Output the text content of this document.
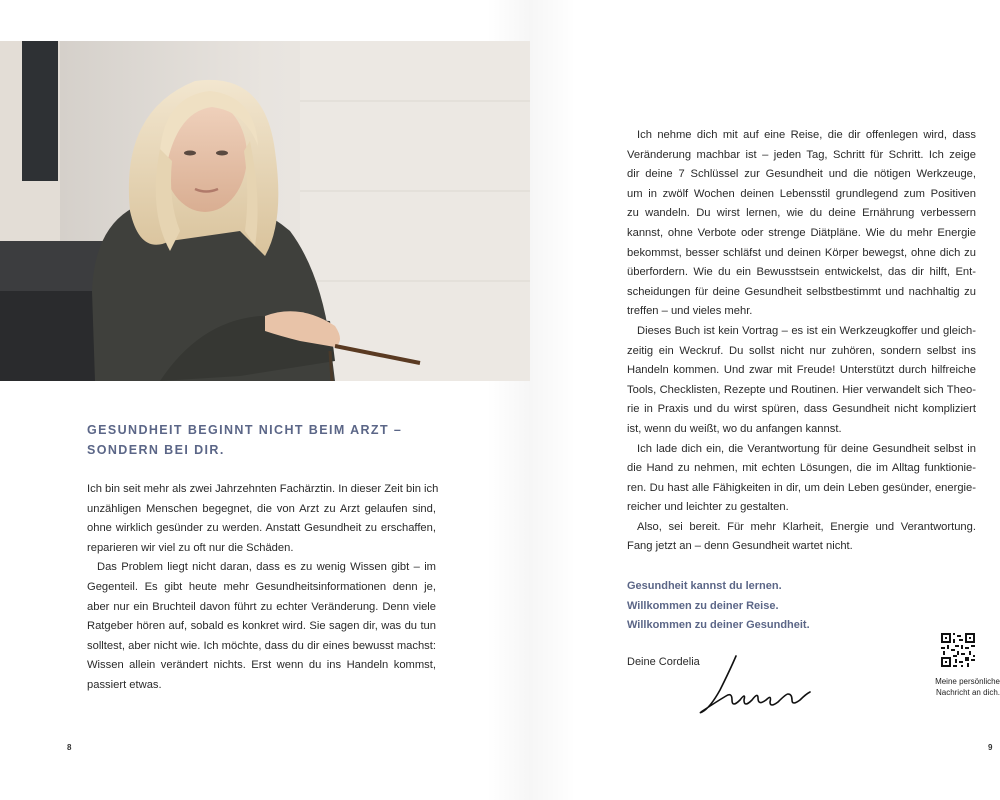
GESUNDHEIT BEGINNT NICHT BEIM ARZT –
SONDERN BEI DIR.
Ich bin seit mehr als zwei Jahrzehnten Fachärztin. In dieser Zeit bin ich
unzähligen Menschen begegnet, die von Arzt zu Arzt gelaufen sind,
ohne wirklich gesünder zu werden. Anstatt Gesundheit zu erschaffen,
reparieren wir viel zu oft nur die Schäden.
Das Problem liegt nicht daran, dass es zu wenig Wissen gibt – im
Gegenteil. Es gibt heute mehr Gesundheitsinformationen denn je,
aber nur ein Bruchteil davon führt zu echter Veränderung. Denn viele
Ratgeber hören auf, sobald es konkret wird. Sie sagen dir, was du tun
solltest, aber nicht wie. Ich möchte, dass du dir eines bewusst machst:
Wissen allein verändert nichts. Erst wenn du ins Handeln kommst,
passiert etwas.
Ich nehme dich mit auf eine Reise, die dir offenlegen wird, dass
Veränderung machbar ist – jeden Tag, Schritt für Schritt. Ich zeige
dir deine 7 Schlüssel zur Gesundheit und die nötigen Werkzeuge,
um in zwölf Wochen deinen Lebensstil grundlegend zum Positiven
zu wandeln. Du wirst lernen, wie du deine Ernährung verbessern
kannst, ohne Verbote oder strenge Diätpläne. Wie du mehr Energie
bekommst, besser schläfst und deinen Körper bewegst, ohne dich zu
überfordern. Wie du ein Bewusstsein entwickelst, das dir hilft, Ent-
scheidungen für deine Gesundheit selbstbestimmt und nachhaltig zu
treffen – und vieles mehr.
Dieses Buch ist kein Vortrag – es ist ein Werkzeugkoffer und gleich-
zeitig ein Weckruf. Du sollst nicht nur zuhören, sondern selbst ins
Handeln kommen. Und zwar mit Freude! Unterstützt durch hilfreiche
Tools, Checklisten, Rezepte und Routinen. Hier verwandelt sich Theo-
rie in Praxis und du wirst spüren, dass Gesundheit nicht kompliziert
ist, wenn du weißt, wo du anfangen kannst.
Ich lade dich ein, die Verantwortung für deine Gesundheit selbst in
die Hand zu nehmen, mit echten Lösungen, die im Alltag funktionie-
ren. Du hast alle Fähigkeiten in dir, um dein Leben gesünder, energie-
reicher und leichter zu gestalten.
Also, sei bereit. Für mehr Klarheit, Energie und Verantwortung.
Fang jetzt an – denn Gesundheit wartet nicht.
Gesundheit kannst du lernen.
Willkommen zu deiner Reise.
Willkommen zu deiner Gesundheit.
Deine Cordelia
Meine persönliche
Nachricht an dich.
8	9
